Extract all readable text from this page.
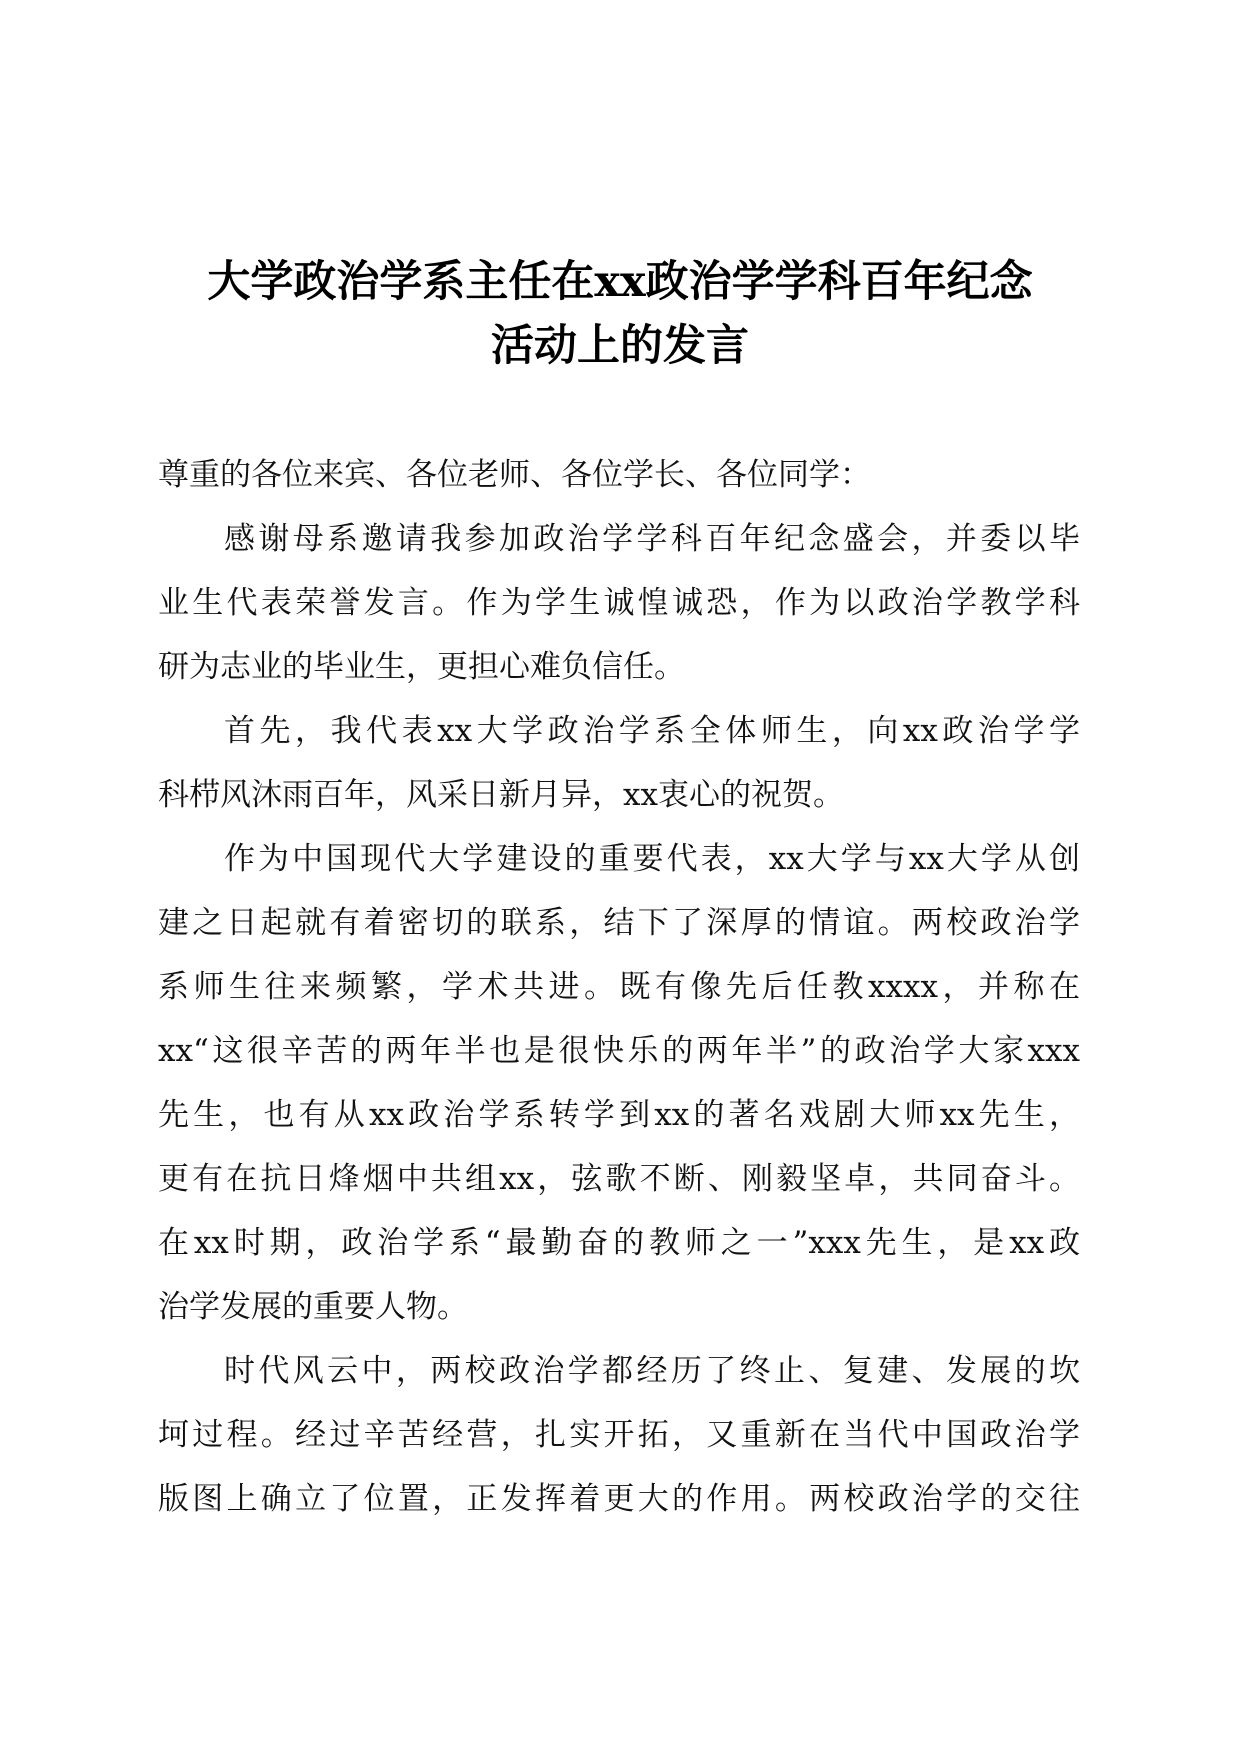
大学政治学系主任在xx政治学学科百年纪念
活动上的发言
尊重的各位来宾、各位老师、各位学长、各位同学：
感谢母系邀请我参加政治学学科百年纪念盛会，并委以毕
业生代表荣誉发言。作为学生诚惶诚恐，作为以政治学教学科
研为志业的毕业生，更担心难负信任。
首先，我代表xx大学政治学系全体师生，向xx政治学学
科栉风沐雨百年，风采日新月异，xx衷心的祝贺。
作为中国现代大学建设的重要代表，xx大学与xx大学从创
建之日起就有着密切的联系，结下了深厚的情谊。两校政治学
系师生往来频繁，学术共进。既有像先后任教xxxx，并称在
xx“这很辛苦的两年半也是很快乐的两年半”的政治学大家xxx
先生，也有从xx政治学系转学到xx的著名戏剧大师xx先生，
更有在抗日烽烟中共组xx，弦歌不断、刚毅坚卓，共同奋斗。
在xx时期，政治学系“最勤奋的教师之一”xxx先生，是xx政
治学发展的重要人物。
时代风云中，两校政治学都经历了终止、复建、发展的坎
坷过程。经过辛苦经营，扎实开拓，又重新在当代中国政治学
版图上确立了位置，正发挥着更大的作用。两校政治学的交往
